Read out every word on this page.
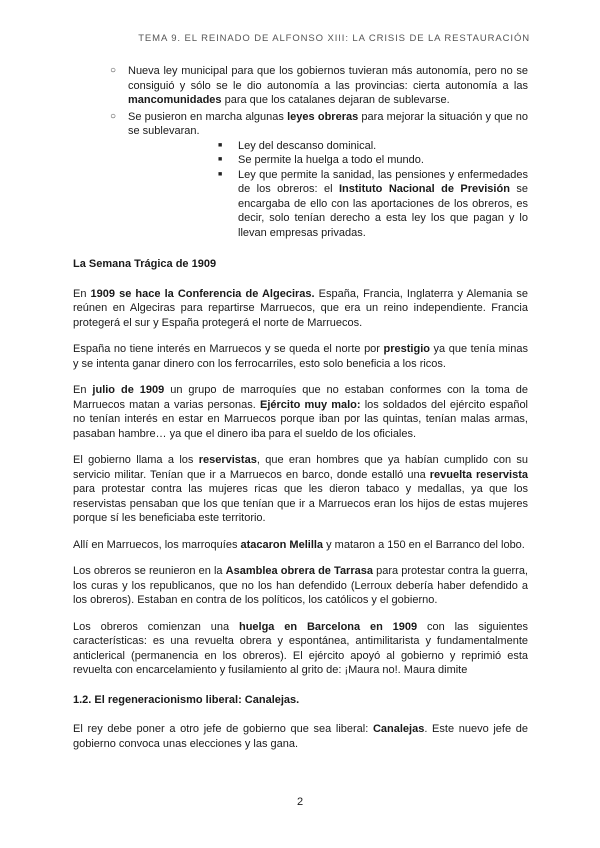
TEMA 9. EL REINADO DE ALFONSO XIII: LA CRISIS DE LA RESTAURACIÓN

○ Nueva ley municipal para que los gobiernos tuvieran más autonomía, pero no se consiguió y sólo se le dio autonomía a las provincias: cierta autonomía a las mancomunidades para que los catalanes dejaran de sublevarse.

○ Se pusieron en marcha algunas leyes obreras para mejorar la situación y que no se sublevaran.

■ Ley del descanso dominical.

■ Se permite la huelga a todo el mundo.

■ Ley que permite la sanidad, las pensiones y enfermedades de los obreros: el Instituto Nacional de Previsión se encargaba de ello con las aportaciones de los obreros, es decir, solo tenían derecho a esta ley los que pagan y lo llevan empresas privadas.

La Semana Trágica de 1909

En 1909 se hace la Conferencia de Algeciras. España, Francia, Inglaterra y Alemania se reúnen en Algeciras para repartirse Marruecos, que era un reino independiente. Francia protegerá el sur y España protegerá el norte de Marruecos.

España no tiene interés en Marruecos y se queda el norte por prestigio ya que tenía minas y se intenta ganar dinero con los ferrocarriles, esto solo beneficia a los ricos.

En julio de 1909 un grupo de marroquíes que no estaban conformes con la toma de Marruecos matan a varias personas. Ejército muy malo: los soldados del ejército español no tenían interés en estar en Marruecos porque iban por las quintas, tenían malas armas, pasaban hambre… ya que el dinero iba para el sueldo de los oficiales.

El gobierno llama a los reservistas, que eran hombres que ya habían cumplido con su servicio militar. Tenían que ir a Marruecos en barco, donde estalló una revuelta reservista para protestar contra las mujeres ricas que les dieron tabaco y medallas, ya que los reservistas pensaban que los que tenían que ir a Marruecos eran los hijos de estas mujeres porque sí les beneficiaba este territorio.

Allí en Marruecos, los marroquíes atacaron Melilla y mataron a 150 en el Barranco del lobo.

Los obreros se reunieron en la Asamblea obrera de Tarrasa para protestar contra la guerra, los curas y los republicanos, que no los han defendido (Lerroux debería haber defendido a los obreros). Estaban en contra de los políticos, los católicos y el gobierno.

Los obreros comienzan una huelga en Barcelona en 1909 con las siguientes características: es una revuelta obrera y espontánea, antimilitarista y fundamentalmente anticlerical (permanencia en los obreros). El ejército apoyó al gobierno y reprimió esta revuelta con encarcelamiento y fusilamiento al grito de: ¡Maura no!. Maura dimite

1.2. El regeneracionismo liberal: Canalejas.

El rey debe poner a otro jefe de gobierno que sea liberal: Canalejas. Este nuevo jefe de gobierno convoca unas elecciones y las gana.

2
